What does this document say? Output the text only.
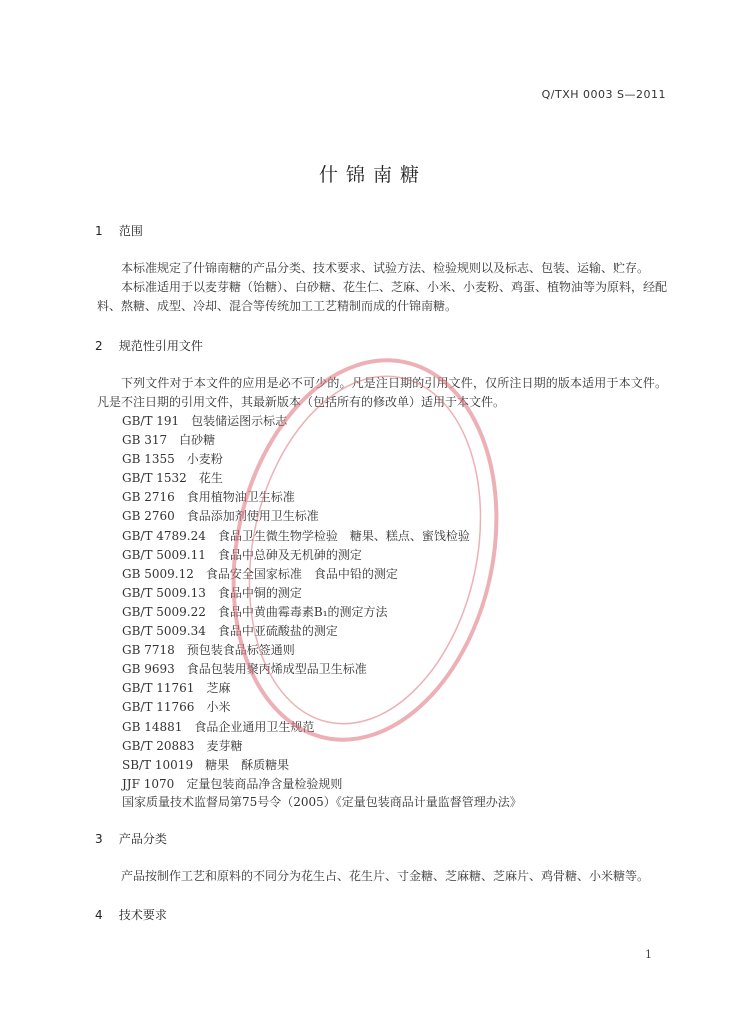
Q/TXH 0003 S—2011
什锦南糖
1 范围
本标准规定了什锦南糖的产品分类、技术要求、试验方法、检验规则以及标志、包装、运输、贮存。
本标准适用于以麦芽糖（饴糖）、白砂糖、花生仁、芝麻、小米、小麦粉、鸡蛋、植物油等为原料，经配料、熬糖、成型、冷却、混合等传统加工工艺精制而成的什锦南糖。
2 规范性引用文件
下列文件对于本文件的应用是必不可少的。凡是注日期的引用文件，仅所注日期的版本适用于本文件。凡是不注日期的引用文件，其最新版本（包括所有的修改单）适用于本文件。
GB/T 191 包装储运图示标志
GB 317 白砂糖
GB 1355 小麦粉
GB/T 1532 花生
GB 2716 食用植物油卫生标准
GB 2760 食品添加剂使用卫生标准
GB/T 4789.24 食品卫生微生物学检验　糖果、糕点、蜜饯检验
GB/T 5009.11 食品中总砷及无机砷的测定
GB 5009.12 食品安全国家标准　食品中铅的测定
GB/T 5009.13 食品中铜的测定
GB/T 5009.22 食品中黄曲霉毒素B₁的测定方法
GB/T 5009.34 食品中亚硫酸盐的测定
GB 7718 预包装食品标签通则
GB 9693 食品包装用聚丙烯成型品卫生标准
GB/T 11761 芝麻
GB/T 11766 小米
GB 14881 食品企业通用卫生规范
GB/T 20883 麦芽糖
SB/T 10019 糖果　酥质糖果
JJF 1070 定量包装商品净含量检验规则
国家质量技术监督局第75号令（2005）《定量包装商品计量监督管理办法》
3 产品分类
产品按制作工艺和原料的不同分为花生占、花生片、寸金糖、芝麻糖、芝麻片、鸡骨糖、小米糖等。
4 技术要求
1
